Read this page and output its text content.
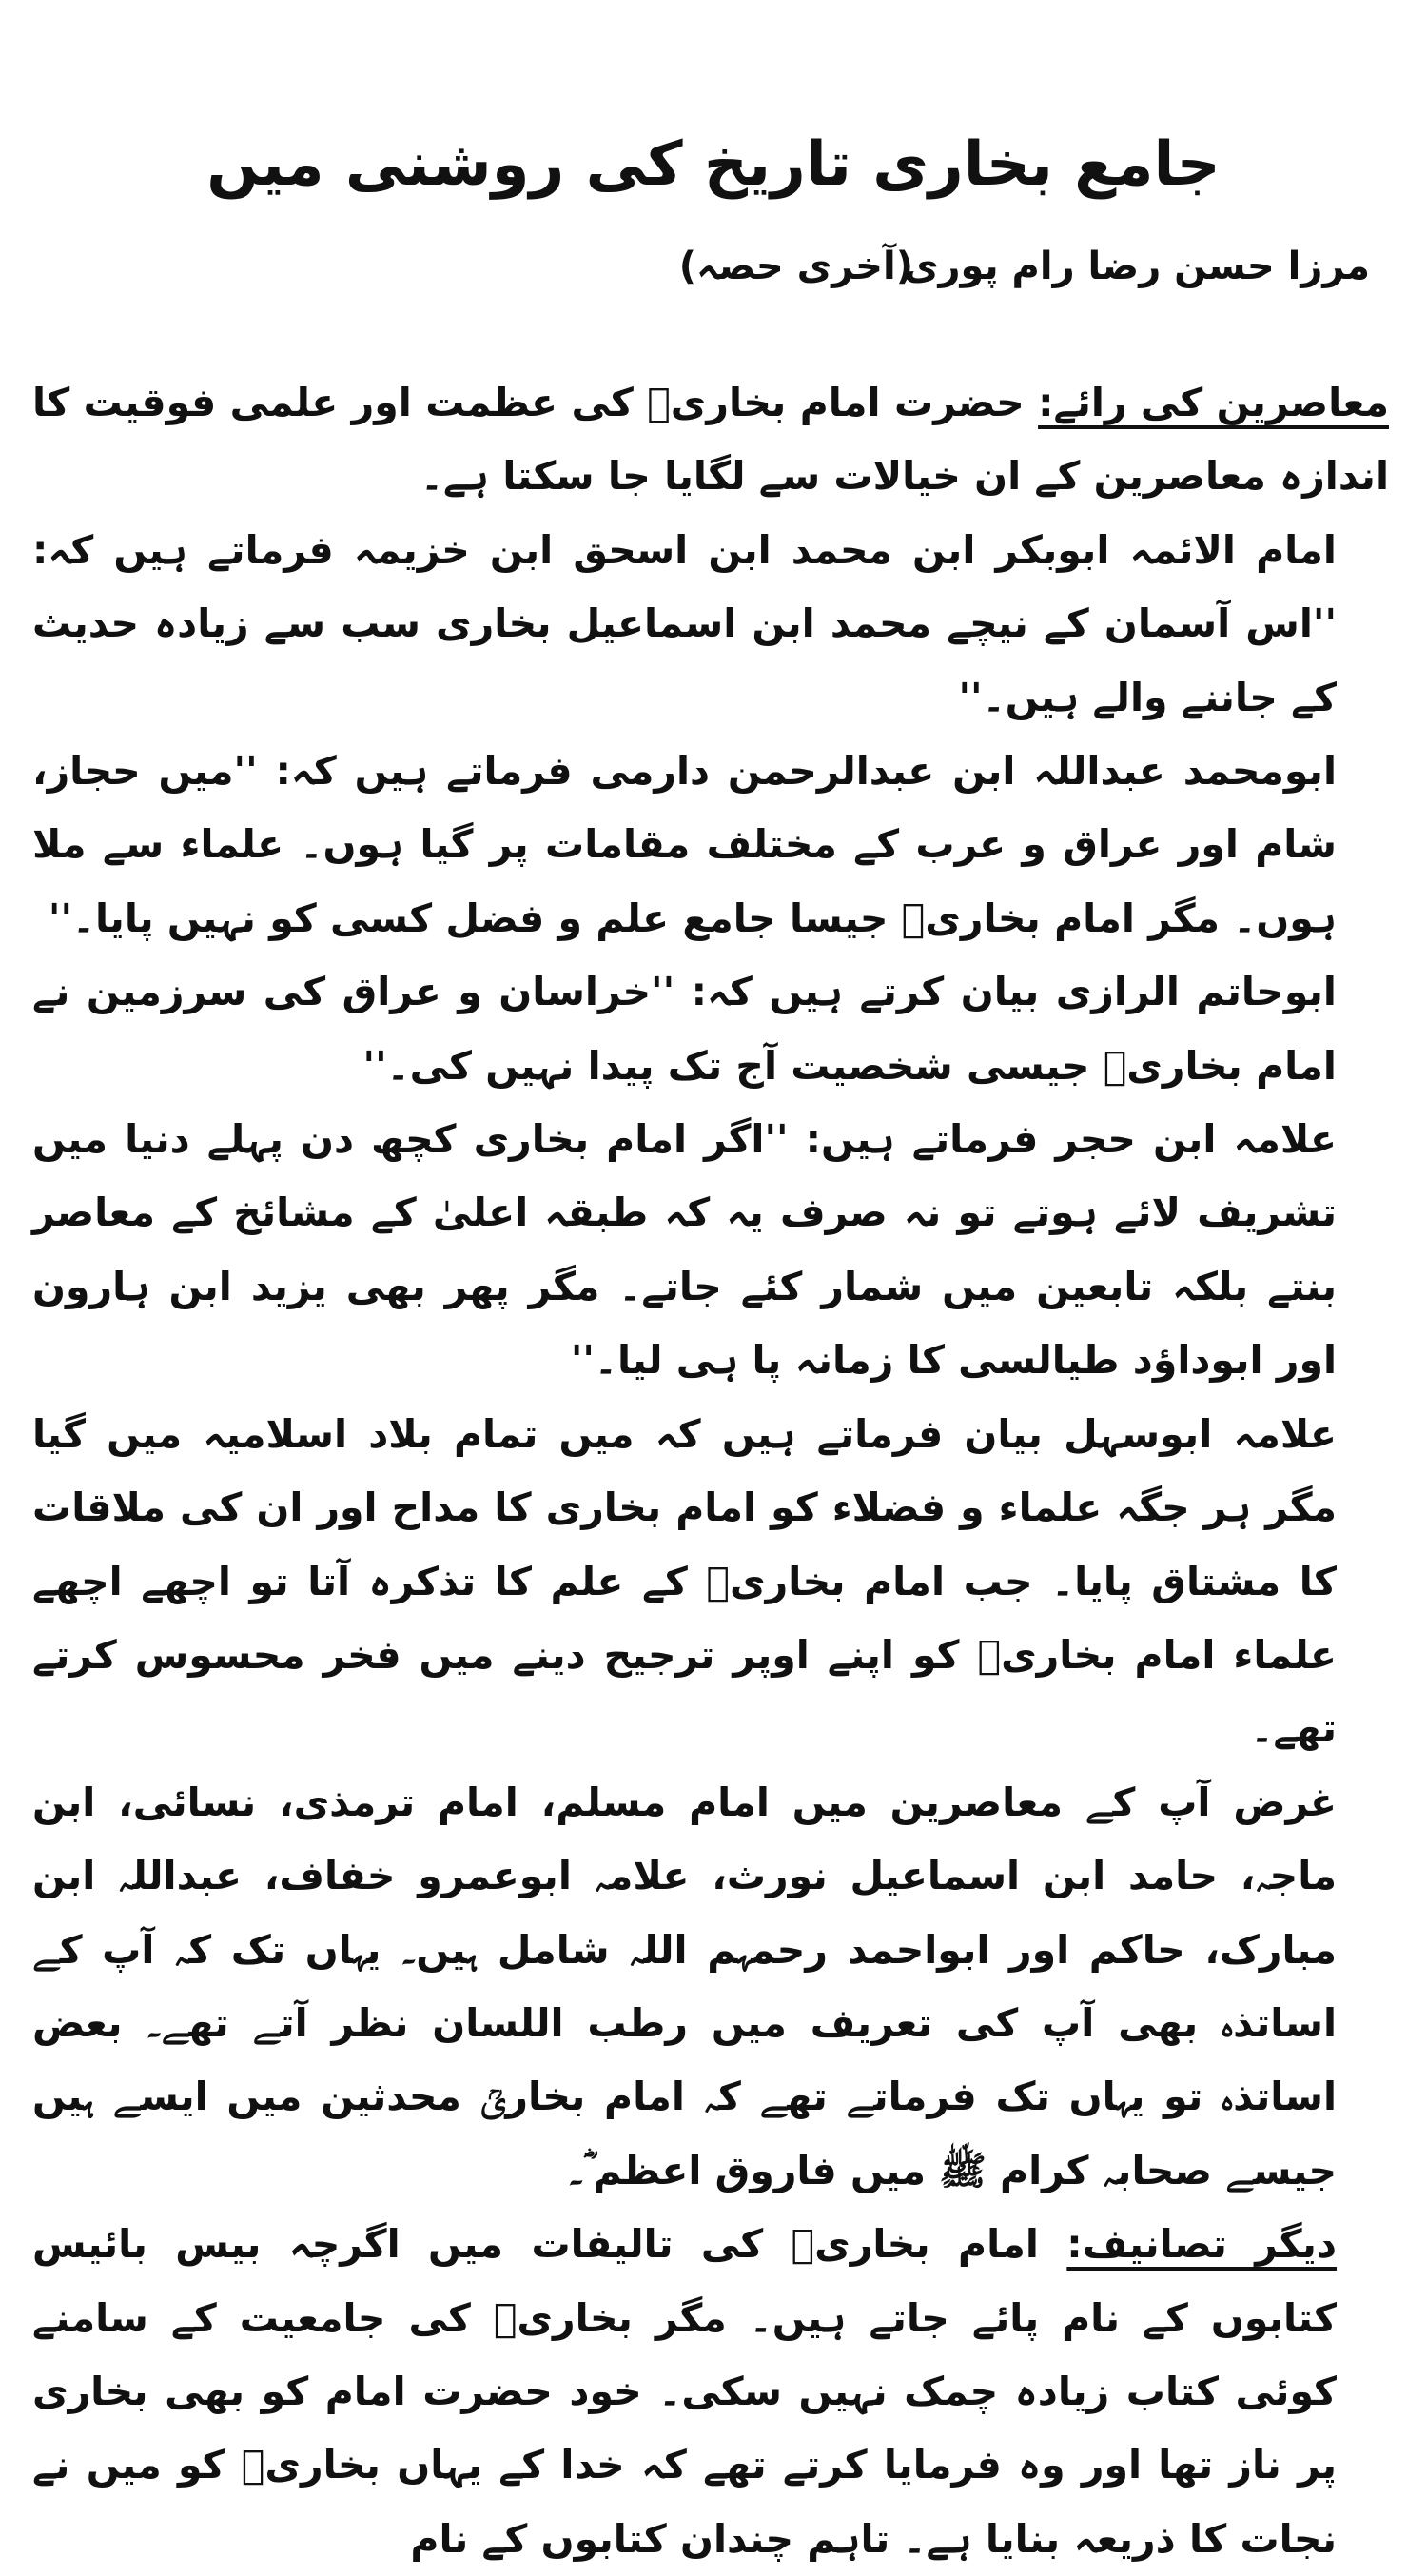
جامع بخاری تاریخ کی روشنی میں
مرزا حسن رضا رام پوری
(آخری حصہ)

معاصرین کی رائے: حضرت امام بخاریؒ کی عظمت اور علمی فوقیت کا اندازہ معاصرین کے ان خیالات سے لگایا جا سکتا ہے۔

امام الائمہ ابوبکر ابن محمد ابن اسحق ابن خزیمہ فرماتے ہیں کہ: ''اس آسمان کے نیچے محمد ابن اسماعیل بخاری سب سے زیادہ حدیث کے جاننے والے ہیں۔''

ابومحمد عبداللہ ابن عبدالرحمن دارمی فرماتے ہیں کہ: ''میں حجاز، شام اور عراق و عرب کے مختلف مقامات پر گیا ہوں۔ علماء سے ملا ہوں۔ مگر امام بخاریؒ جیسا جامع علم و فضل کسی کو نہیں پایا۔''

ابوحاتم الرازی بیان کرتے ہیں کہ: ''خراسان و عراق کی سرزمین نے امام بخاریؒ جیسی شخصیت آج تک پیدا نہیں کی۔''

علامہ ابن حجر فرماتے ہیں: ''اگر امام بخاری کچھ دن پہلے دنیا میں تشریف لائے ہوتے تو نہ صرف یہ کہ طبقہ اعلیٰ کے مشائخ کے معاصر بنتے بلکہ تابعین میں شمار کئے جاتے۔ مگر پھر بھی یزید ابن ہارون اور ابوداؤد طیالسی کا زمانہ پا ہی لیا۔''

علامہ ابوسہل بیان فرماتے ہیں کہ میں تمام بلاد اسلامیہ میں گیا مگر ہر جگہ علماء و فضلاء کو امام بخاری کا مداح اور ان کی ملاقات کا مشتاق پایا۔ جب امام بخاریؒ کے علم کا تذکرہ آتا تو اچھے اچھے علماء امام بخاریؒ کو اپنے اوپر ترجیح دینے میں فخر محسوس کرتے تھے۔

غرض آپ کے معاصرین میں امام مسلم، امام ترمذی، نسائی، ابن ماجہ، حامد ابن اسماعیل نورث، علامہ ابوعمرو خفاف، عبداللہ ابن مبارک، حاکم اور ابواحمد رحمہم اللہ شامل ہیں۔ یہاں تک کہ آپ کے اساتذہ بھی آپ کی تعریف میں رطب اللسان نظر آتے تھے۔ بعض اساتذہ تو یہاں تک فرماتے تھے کہ امام بخاریؒ محدثین میں ایسے ہیں جیسے صحابہ کرام ﷺ میں فاروق اعظم ؓ۔

دیگر تصانیف: امام بخاریؒ کی تالیفات میں اگرچہ بیس بائیس کتابوں کے نام پائے جاتے ہیں۔ مگر بخاریؒ کی جامعیت کے سامنے کوئی کتاب زیادہ چمک نہیں سکی۔ خود حضرت امام کو بھی بخاری پر ناز تھا اور وہ فرمایا کرتے تھے کہ خدا کے یہاں بخاریؒ کو میں نے نجات کا ذریعہ بنایا ہے۔ تاہم چندان کتابوں کے نام
